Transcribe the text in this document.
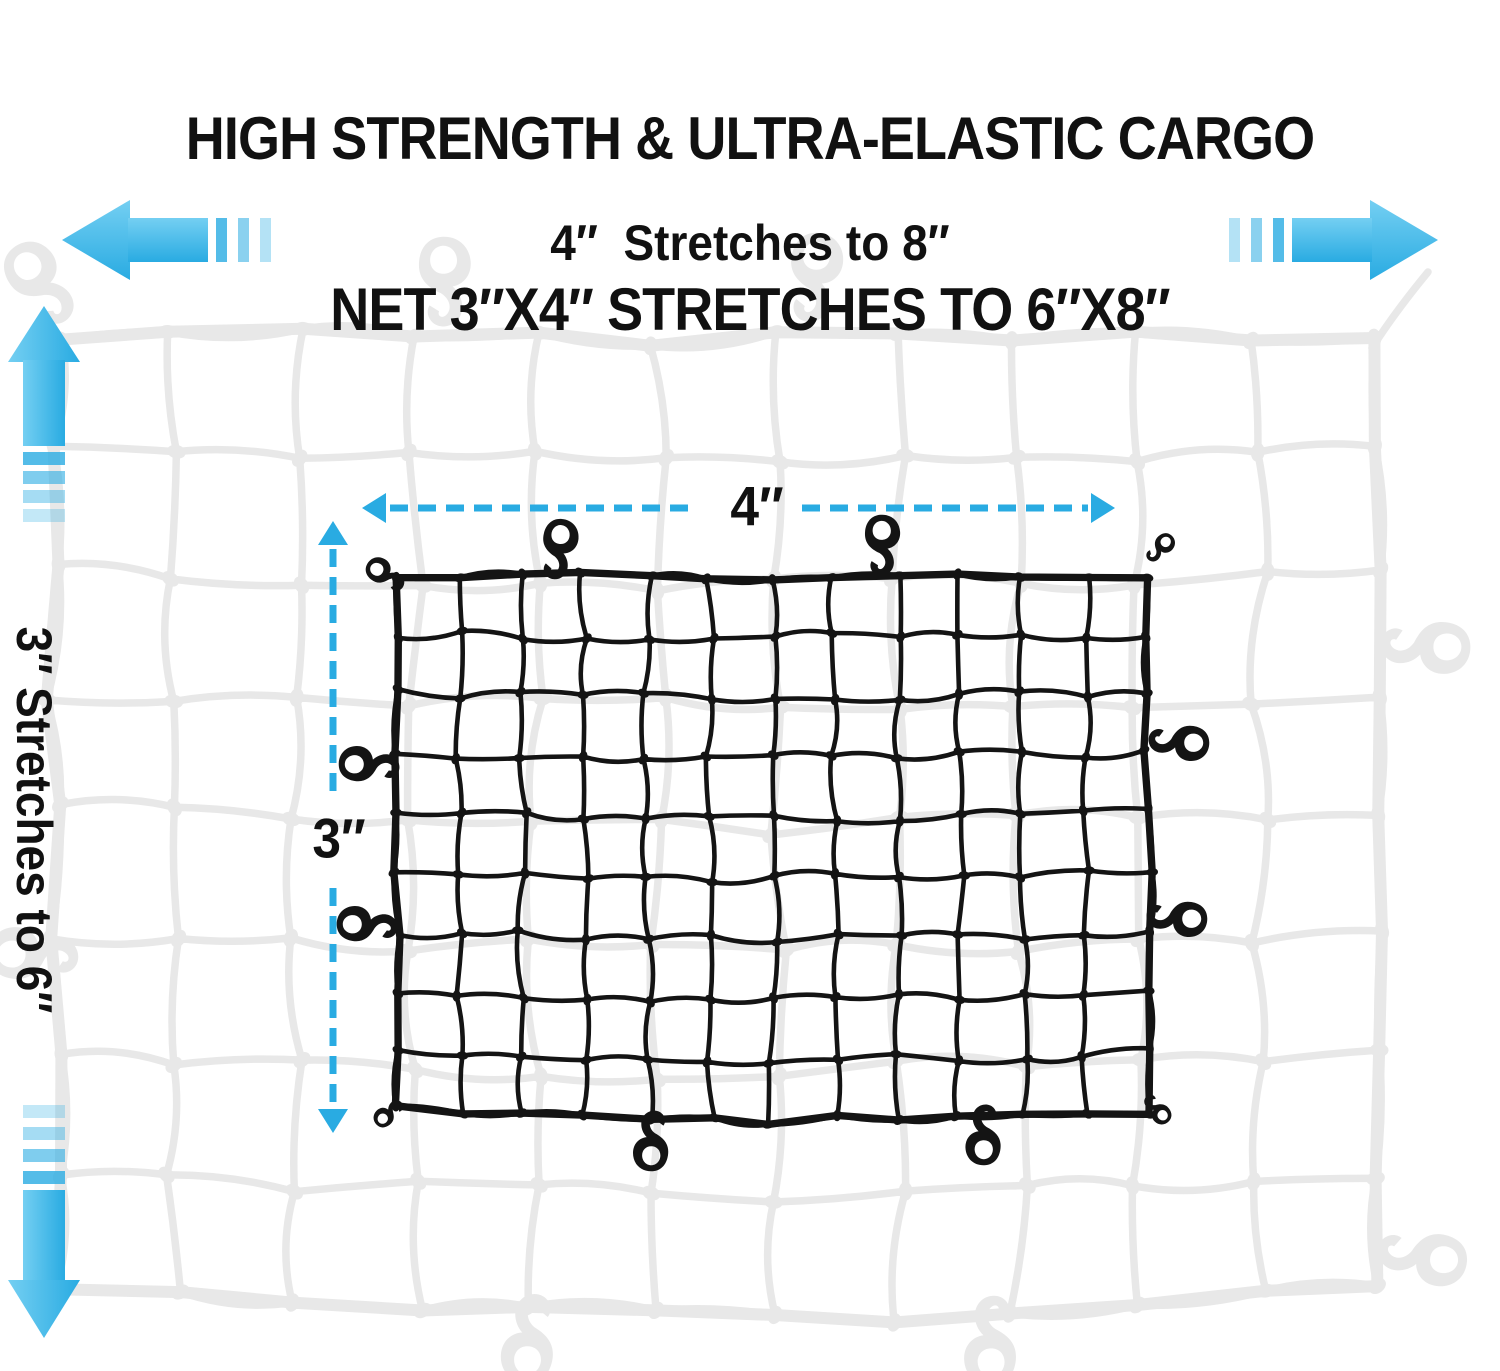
HIGH STRENGTH & ULTRA-ELASTIC CARGO

NET 3″X4″ STRETCHES TO 6″X8″

4″  Stretches to 8″
3″ Stretches to 6″
4″
3″
